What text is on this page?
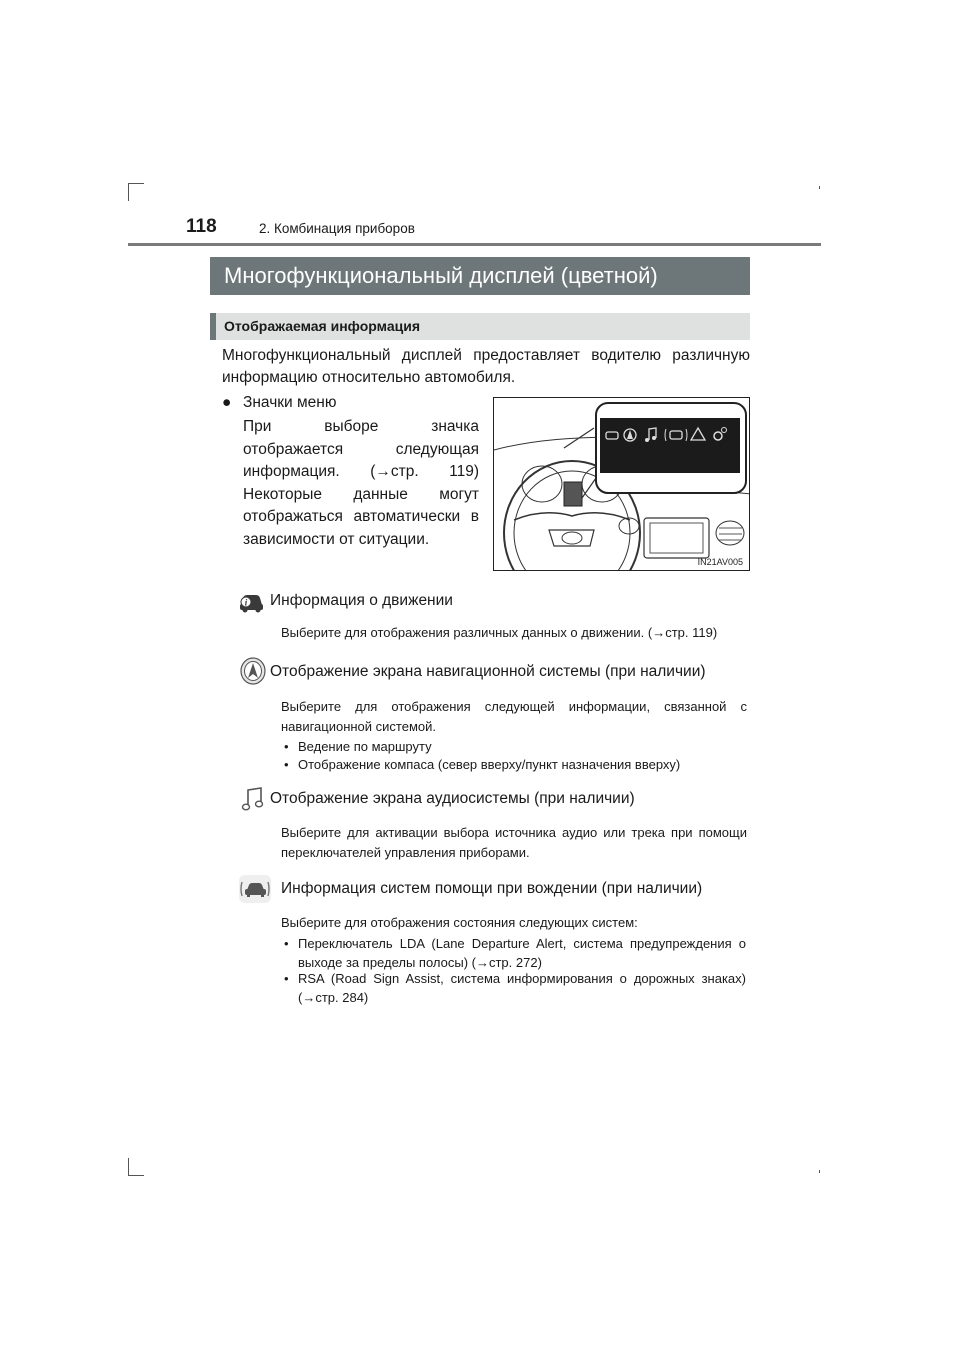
118	2. Комбинация приборов
Многофункциональный дисплей (цветной)
Отображаемая информация
Многофункциональный дисплей предоставляет водителю различную информацию относительно автомобиля.
● Значки меню
При выборе значка отображается следующая информация. (→стр. 119) Некоторые данные могут отображаться автоматически в зависимости от ситуации.
IN21AV005
i Информация о движении
Выберите для отображения различных данных о движении. (→стр. 119)
Отображение экрана навигационной системы (при наличии)
Выберите для отображения следующей информации, связанной с навигационной системой.
• Ведение по маршруту
• Отображение компаса (север вверху/пункт назначения вверху)
Отображение экрана аудиосистемы (при наличии)
Выберите для активации выбора источника аудио или трека при помощи переключателей управления приборами.
Информация систем помощи при вождении (при наличии)
Выберите для отображения состояния следующих систем:
• Переключатель LDA (Lane Departure Alert, система предупреждения о выходе за пределы полосы) (→стр. 272)
• RSA (Road Sign Assist, система информирования о дорожных знаках) (→стр. 284)
